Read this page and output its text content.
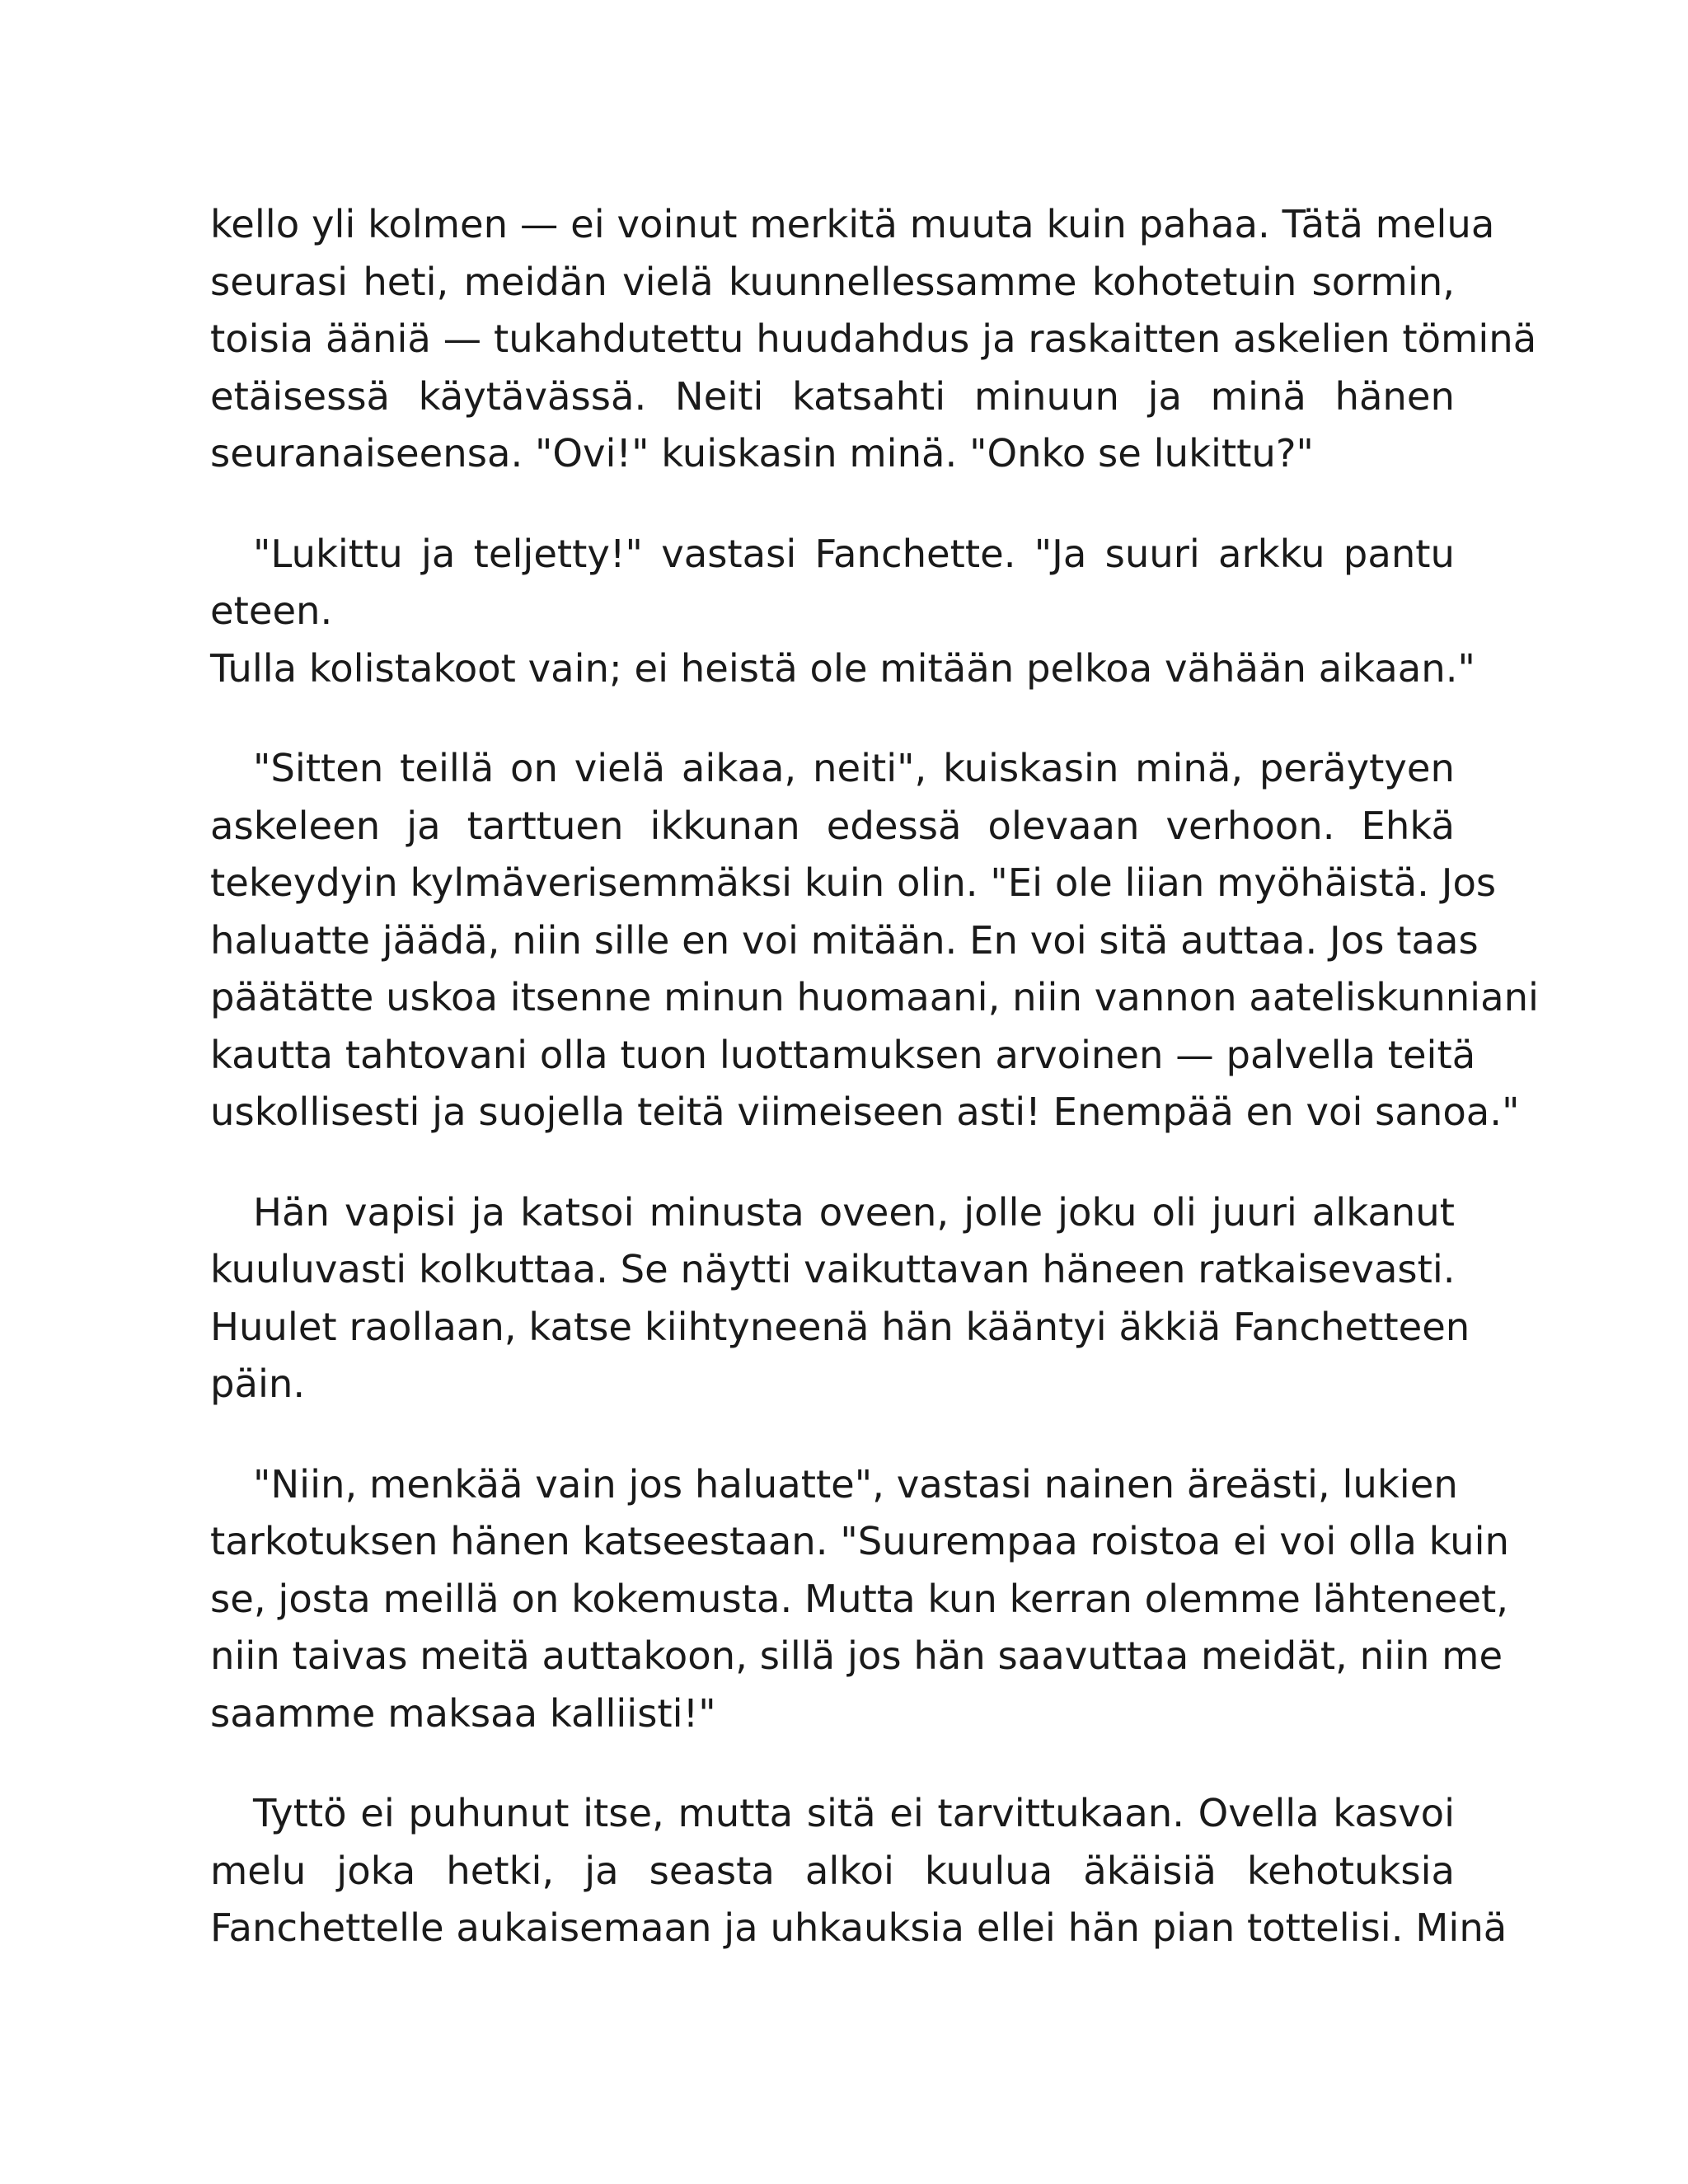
kello yli kolmen — ei voinut merkitä muuta kuin pahaa. Tätä melua
seurasi heti, meidän vielä kuunnellessamme kohotetuin sormin,
toisia ääniä — tukahdutettu huudahdus ja raskaitten askelien töminä
etäisessä käytävässä. Neiti katsahti minuun ja minä hänen
seuranaiseensa. "Ovi!" kuiskasin minä. "Onko se lukittu?"
"Lukittu ja teljetty!" vastasi Fanchette. "Ja suuri arkku pantu
eteen.
Tulla kolistakoot vain; ei heistä ole mitään pelkoa vähään aikaan."
"Sitten teillä on vielä aikaa, neiti", kuiskasin minä, peräytyen
askeleen ja tarttuen ikkunan edessä olevaan verhoon. Ehkä
tekeydyin kylmäverisemmäksi kuin olin. "Ei ole liian myöhäistä. Jos
haluatte jäädä, niin sille en voi mitään. En voi sitä auttaa. Jos taas
päätätte uskoa itsenne minun huomaani, niin vannon aateliskunniani
kautta tahtovani olla tuon luottamuksen arvoinen — palvella teitä
uskollisesti ja suojella teitä viimeiseen asti! Enempää en voi sanoa."
Hän vapisi ja katsoi minusta oveen, jolle joku oli juuri alkanut
kuuluvasti kolkuttaa. Se näytti vaikuttavan häneen ratkaisevasti.
Huulet raollaan, katse kiihtyneenä hän kääntyi äkkiä Fanchetteen
päin.
"Niin, menkää vain jos haluatte", vastasi nainen äreästi, lukien
tarkotuksen hänen katseestaan. "Suurempaa roistoa ei voi olla kuin
se, josta meillä on kokemusta. Mutta kun kerran olemme lähteneet,
niin taivas meitä auttakoon, sillä jos hän saavuttaa meidät, niin me
saamme maksaa kalliisti!"
Tyttö ei puhunut itse, mutta sitä ei tarvittukaan. Ovella kasvoi
melu joka hetki, ja seasta alkoi kuulua äkäisiä kehotuksia
Fanchettelle aukaisemaan ja uhkauksia ellei hän pian tottelisi. Minä
